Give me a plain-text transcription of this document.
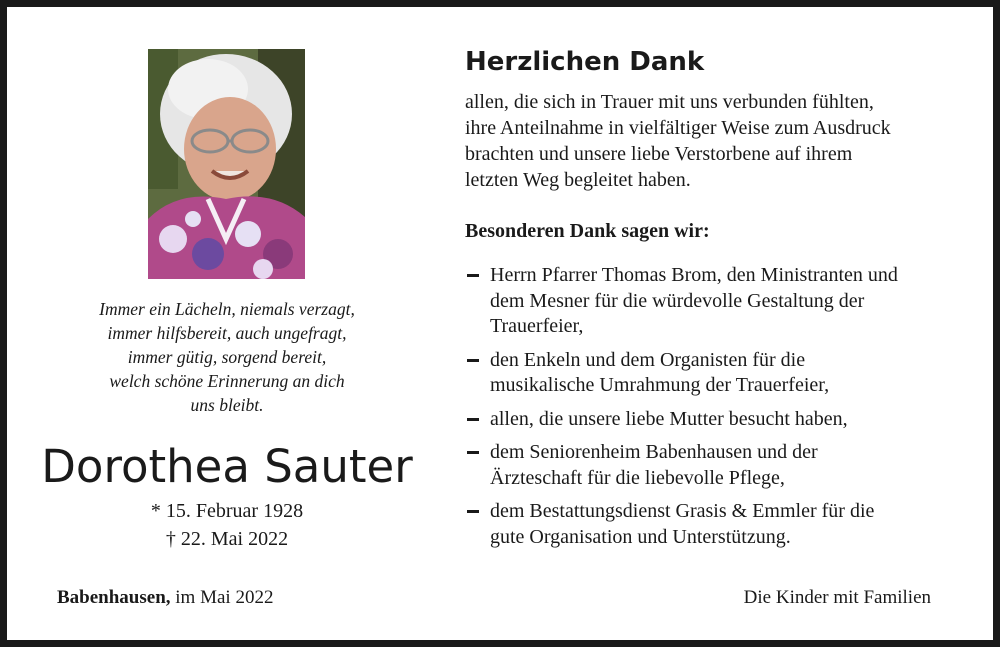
Immer ein Lächeln, niemals verzagt,
immer hilfsbereit, auch ungefragt,
immer gütig, sorgend bereit,
welch schöne Erinnerung an dich
uns bleibt.
Dorothea Sauter
* 15. Februar 1928
† 22. Mai 2022
Babenhausen, im Mai 2022
Herzlichen Dank
allen, die sich in Trauer mit uns verbunden fühlten,
ihre Anteilnahme in vielfältiger Weise zum Ausdruck
brachten und unsere liebe Verstorbene auf ihrem
letzten Weg begleitet haben.
Besonderen Dank sagen wir:
Herrn Pfarrer Thomas Brom, den Ministranten und
dem Mesner für die würdevolle Gestaltung der
Trauerfeier,
den Enkeln und dem Organisten für die
musikalische Umrahmung der Trauerfeier,
allen, die unsere liebe Mutter besucht haben,
dem Seniorenheim Babenhausen und der
Ärzteschaft für die liebevolle Pflege,
dem Bestattungsdienst Grasis & Emmler für die
gute Organisation und Unterstützung.
Die Kinder mit Familien
